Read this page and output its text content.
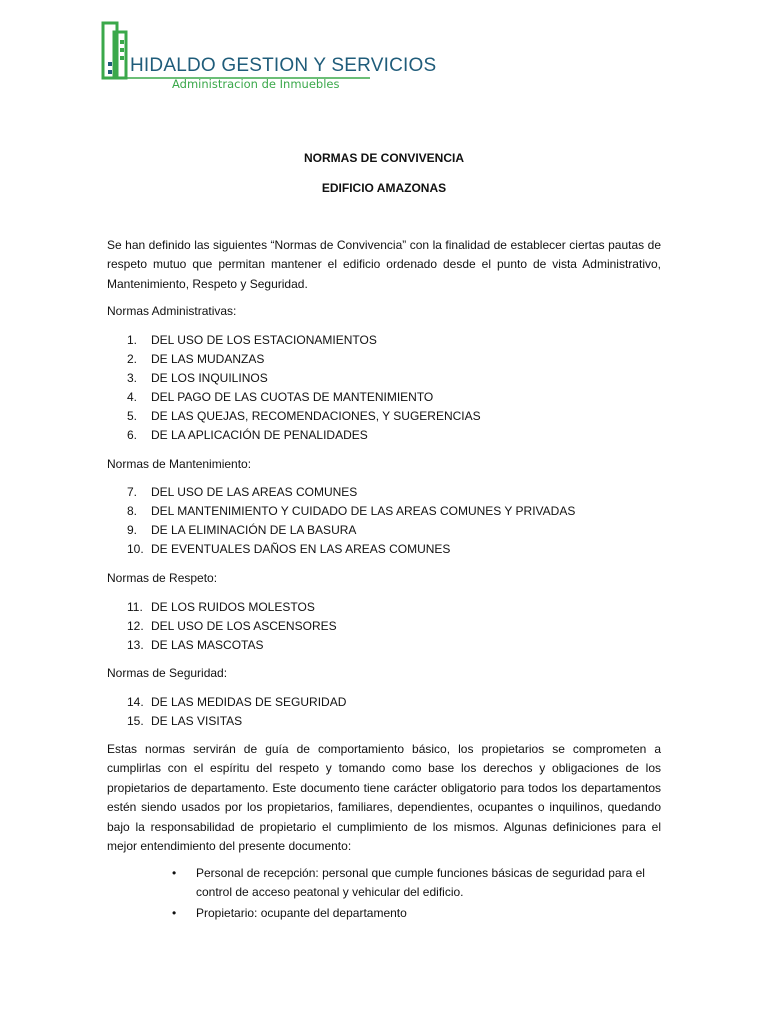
HIDALDO GESTION Y SERVICIOS
Administracion de Inmuebles
NORMAS DE CONVIVENCIA
EDIFICIO AMAZONAS
Se han definido las siguientes “Normas de Convivencia” con la finalidad de establecer ciertas pautas de respeto mutuo que permitan mantener el edificio ordenado desde el punto de vista Administrativo, Mantenimiento, Respeto y Seguridad.
Normas Administrativas:
1. DEL USO DE LOS ESTACIONAMIENTOS
2. DE LAS MUDANZAS
3. DE LOS INQUILINOS
4. DEL PAGO DE LAS CUOTAS DE MANTENIMIENTO
5. DE LAS QUEJAS, RECOMENDACIONES, Y SUGERENCIAS
6. DE LA APLICACIÓN DE PENALIDADES
Normas de Mantenimiento:
7. DEL USO DE LAS AREAS COMUNES
8. DEL MANTENIMIENTO Y CUIDADO DE LAS AREAS COMUNES Y PRIVADAS
9. DE LA ELIMINACIÓN DE LA BASURA
10. DE EVENTUALES DAÑOS EN LAS AREAS COMUNES
Normas de Respeto:
11. DE LOS RUIDOS MOLESTOS
12. DEL USO DE LOS ASCENSORES
13. DE LAS MASCOTAS
Normas de Seguridad:
14. DE LAS MEDIDAS DE SEGURIDAD
15. DE LAS VISITAS
Estas normas servirán de guía de comportamiento básico, los propietarios se comprometen a cumplirlas con el espíritu del respeto y tomando como base los derechos y obligaciones de los propietarios de departamento. Este documento tiene carácter obligatorio para todos los departamentos estén siendo usados por los propietarios, familiares, dependientes, ocupantes o inquilinos, quedando bajo la responsabilidad de propietario el cumplimiento de los mismos. Algunas definiciones para el mejor entendimiento del presente documento:
• Personal de recepción: personal que cumple funciones básicas de seguridad para el control de acceso peatonal y vehicular del edificio.
• Propietario: ocupante del departamento
